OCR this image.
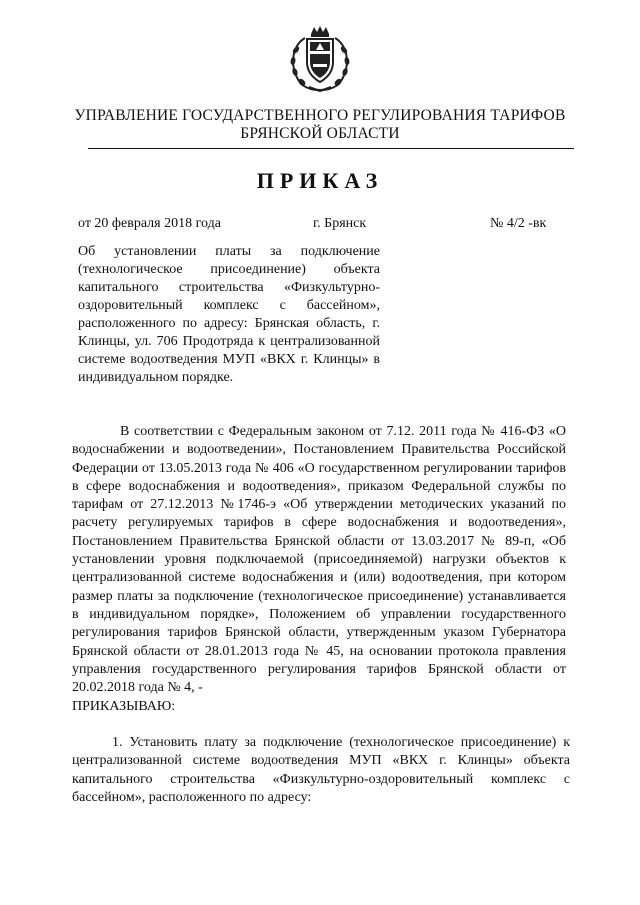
УПРАВЛЕНИЕ ГОСУДАРСТВЕННОГО РЕГУЛИРОВАНИЯ ТАРИФОВ
БРЯНСКОЙ ОБЛАСТИ
ПРИКАЗ
от 20 февраля 2018 года	г. Брянск	№ 4/2 -вк
Об установлении платы за подключение (технологическое присоединение) объекта капитального строительства «Физкультурно-оздоровительный комплекс с бассейном», расположенного по адресу: Брянская область, г. Клинцы, ул. 706 Продотряда к централизованной системе водоотведения МУП «ВКХ г. Клинцы» в индивидуальном порядке.
В соответствии с Федеральным законом от 7.12. 2011 года № 416-ФЗ «О водоснабжении и водоотведении», Постановлением Правительства Российской Федерации от 13.05.2013 года № 406 «О государственном регулировании тарифов в сфере водоснабжения и водоотведения», приказом Федеральной службы по тарифам от 27.12.2013 №1746-э «Об утверждении методических указаний по расчету регулируемых тарифов в сфере водоснабжения и водоотведения», Постановлением Правительства Брянской области от 13.03.2017 № 89-п, «Об установлении уровня подключаемой (присоединяемой) нагрузки объектов к централизованной системе водоснабжения и (или) водоотведения, при котором размер платы за подключение (технологическое присоединение) устанавливается в индивидуальном порядке», Положением об управлении государственного регулирования тарифов Брянской области, утвержденным указом Губернатора Брянской области от 28.01.2013 года № 45, на основании протокола правления управления государственного регулирования тарифов Брянской области от 20.02.2018 года № 4, -
ПРИКАЗЫВАЮ:
1. Установить плату за подключение (технологическое присоединение) к централизованной системе водоотведения МУП «ВКХ г. Клинцы» объекта капитального строительства «Физкультурно-оздоровительный комплекс с бассейном», расположенного по адресу:
